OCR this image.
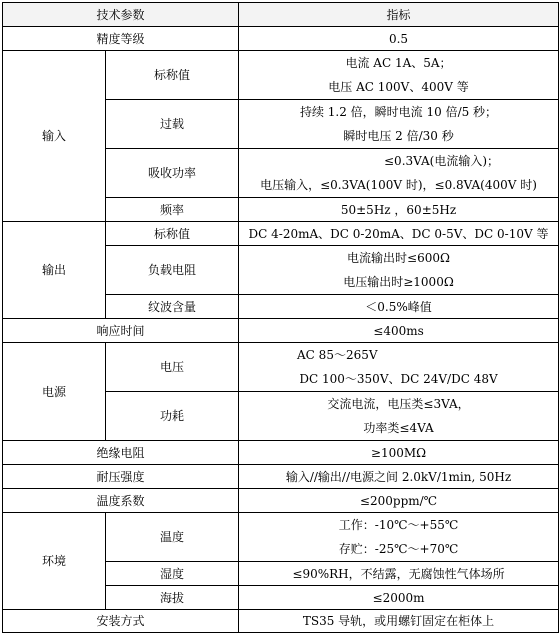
技术参数		指标
精度等级		0.5
输入	标称值	电流 AC 1A、5A；
电压 AC 100V、400V 等

	过载	持续 1.2 倍，瞬时电流 10 倍/5 秒；
瞬时电压 2 倍/30 秒

	吸收功率	≤0.3VA(电流输入)；
电压输入，≤0.3VA(100V 时)，≤0.8VA(400V 时)

	频率	50±5Hz ，60±5Hz
输出	标称值	DC 4-20mA、DC 0-20mA、DC 0-5V、DC 0-10V 等
	负载电阻	电流输出时≤600Ω
电压输出时≥1000Ω

	纹波含量	＜0.5%峰值
响应时间		≤400ms
电源	电压	AC 85～265V
DC 100～350V、DC 24V/DC 48V

	功耗	交流电流，电压类≤3VA，
功率类≤4VA

绝缘电阻		≥100MΩ
耐压强度		输入//输出//电源之间 2.0kV/1min, 50Hz
温度系数		≤200ppm/℃
环境	温度	工作：-10℃～+55℃
存贮：-25℃～+70℃

	湿度	≤90%RH，不结露，无腐蚀性气体场所
	海拔	≤2000m
安装方式		TS35 导轨，或用螺钉固定在柜体上
